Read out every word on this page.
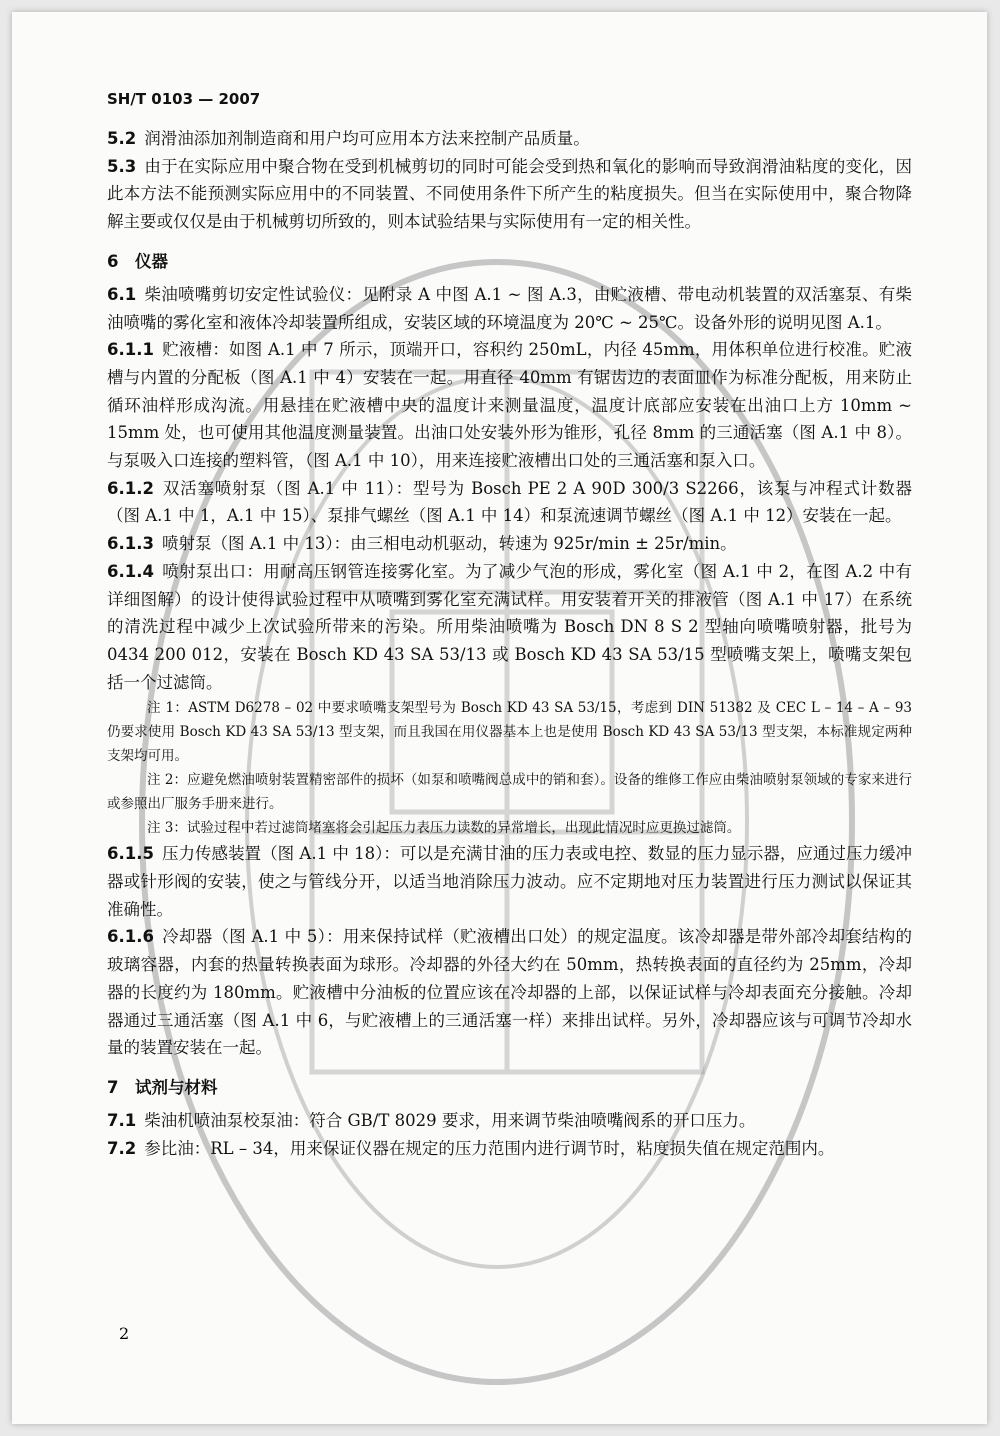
SH/T 0103 — 2007

5.2 润滑油添加剂制造商和用户均可应用本方法来控制产品质量。

5.3 由于在实际应用中聚合物在受到机械剪切的同时可能会受到热和氧化的影响而导致润滑油粘度的变化，因此本方法不能预测实际应用中的不同装置、不同使用条件下所产生的粘度损失。但当在实际使用中，聚合物降解主要或仅仅是由于机械剪切所致的，则本试验结果与实际使用有一定的相关性。

6　仪器

6.1 柴油喷嘴剪切安定性试验仪：见附录 A 中图 A.1 ~ 图 A.3，由贮液槽、带电动机装置的双活塞泵、有柴油喷嘴的雾化室和液体冷却装置所组成，安装区域的环境温度为 20℃ ~ 25℃。设备外形的说明见图 A.1。

6.1.1 贮液槽：如图 A.1 中 7 所示，顶端开口，容积约 250mL，内径 45mm，用体积单位进行校准。贮液槽与内置的分配板（图 A.1 中 4）安装在一起。用直径 40mm 有锯齿边的表面皿作为标准分配板，用来防止循环油样形成沟流。用悬挂在贮液槽中央的温度计来测量温度，温度计底部应安装在出油口上方 10mm ~ 15mm 处，也可使用其他温度测量装置。出油口处安装外形为锥形，孔径 8mm 的三通活塞（图 A.1 中 8）。与泵吸入口连接的塑料管，（图 A.1 中 10），用来连接贮液槽出口处的三通活塞和泵入口。

6.1.2 双活塞喷射泵（图 A.1 中 11）：型号为 Bosch PE 2 A 90D 300/3 S2266，该泵与冲程式计数器（图 A.1 中 1，A.1 中 15）、泵排气螺丝（图 A.1 中 14）和泵流速调节螺丝（图 A.1 中 12）安装在一起。

6.1.3 喷射泵（图 A.1 中 13）：由三相电动机驱动，转速为 925r/min ± 25r/min。

6.1.4 喷射泵出口：用耐高压钢管连接雾化室。为了减少气泡的形成，雾化室（图 A.1 中 2，在图 A.2 中有详细图解）的设计使得试验过程中从喷嘴到雾化室充满试样。用安装着开关的排液管（图 A.1 中 17）在系统的清洗过程中减少上次试验所带来的污染。所用柴油喷嘴为 Bosch DN 8 S 2 型轴向喷嘴喷射器，批号为 0434 200 012，安装在 Bosch KD 43 SA 53/13 或 Bosch KD 43 SA 53/15 型喷嘴支架上，喷嘴支架包括一个过滤筒。

注 1：ASTM D6278 – 02 中要求喷嘴支架型号为 Bosch KD 43 SA 53/15，考虑到 DIN 51382 及 CEC L – 14 – A – 93 仍要求使用 Bosch KD 43 SA 53/13 型支架，而且我国在用仪器基本上也是使用 Bosch KD 43 SA 53/13 型支架，本标准规定两种支架均可用。

注 2：应避免燃油喷射装置精密部件的损坏（如泵和喷嘴阀总成中的销和套）。设备的维修工作应由柴油喷射泵领域的专家来进行或参照出厂服务手册来进行。

注 3：试验过程中若过滤筒堵塞将会引起压力表压力读数的异常增长，出现此情况时应更换过滤筒。

6.1.5 压力传感装置（图 A.1 中 18）：可以是充满甘油的压力表或电控、数显的压力显示器，应通过压力缓冲器或针形阀的安装，使之与管线分开，以适当地消除压力波动。应不定期地对压力装置进行压力测试以保证其准确性。

6.1.6 冷却器（图 A.1 中 5）：用来保持试样（贮液槽出口处）的规定温度。该冷却器是带外部冷却套结构的玻璃容器，内套的热量转换表面为球形。冷却器的外径大约在 50mm，热转换表面的直径约为 25mm，冷却器的长度约为 180mm。贮液槽中分油板的位置应该在冷却器的上部，以保证试样与冷却表面充分接触。冷却器通过三通活塞（图 A.1 中 6，与贮液槽上的三通活塞一样）来排出试样。另外，冷却器应该与可调节冷却水量的装置安装在一起。

7　试剂与材料

7.1 柴油机喷油泵校泵油：符合 GB/T 8029 要求，用来调节柴油喷嘴阀系的开口压力。

7.2 参比油：RL – 34，用来保证仪器在规定的压力范围内进行调节时，粘度损失值在规定范围内。

2
